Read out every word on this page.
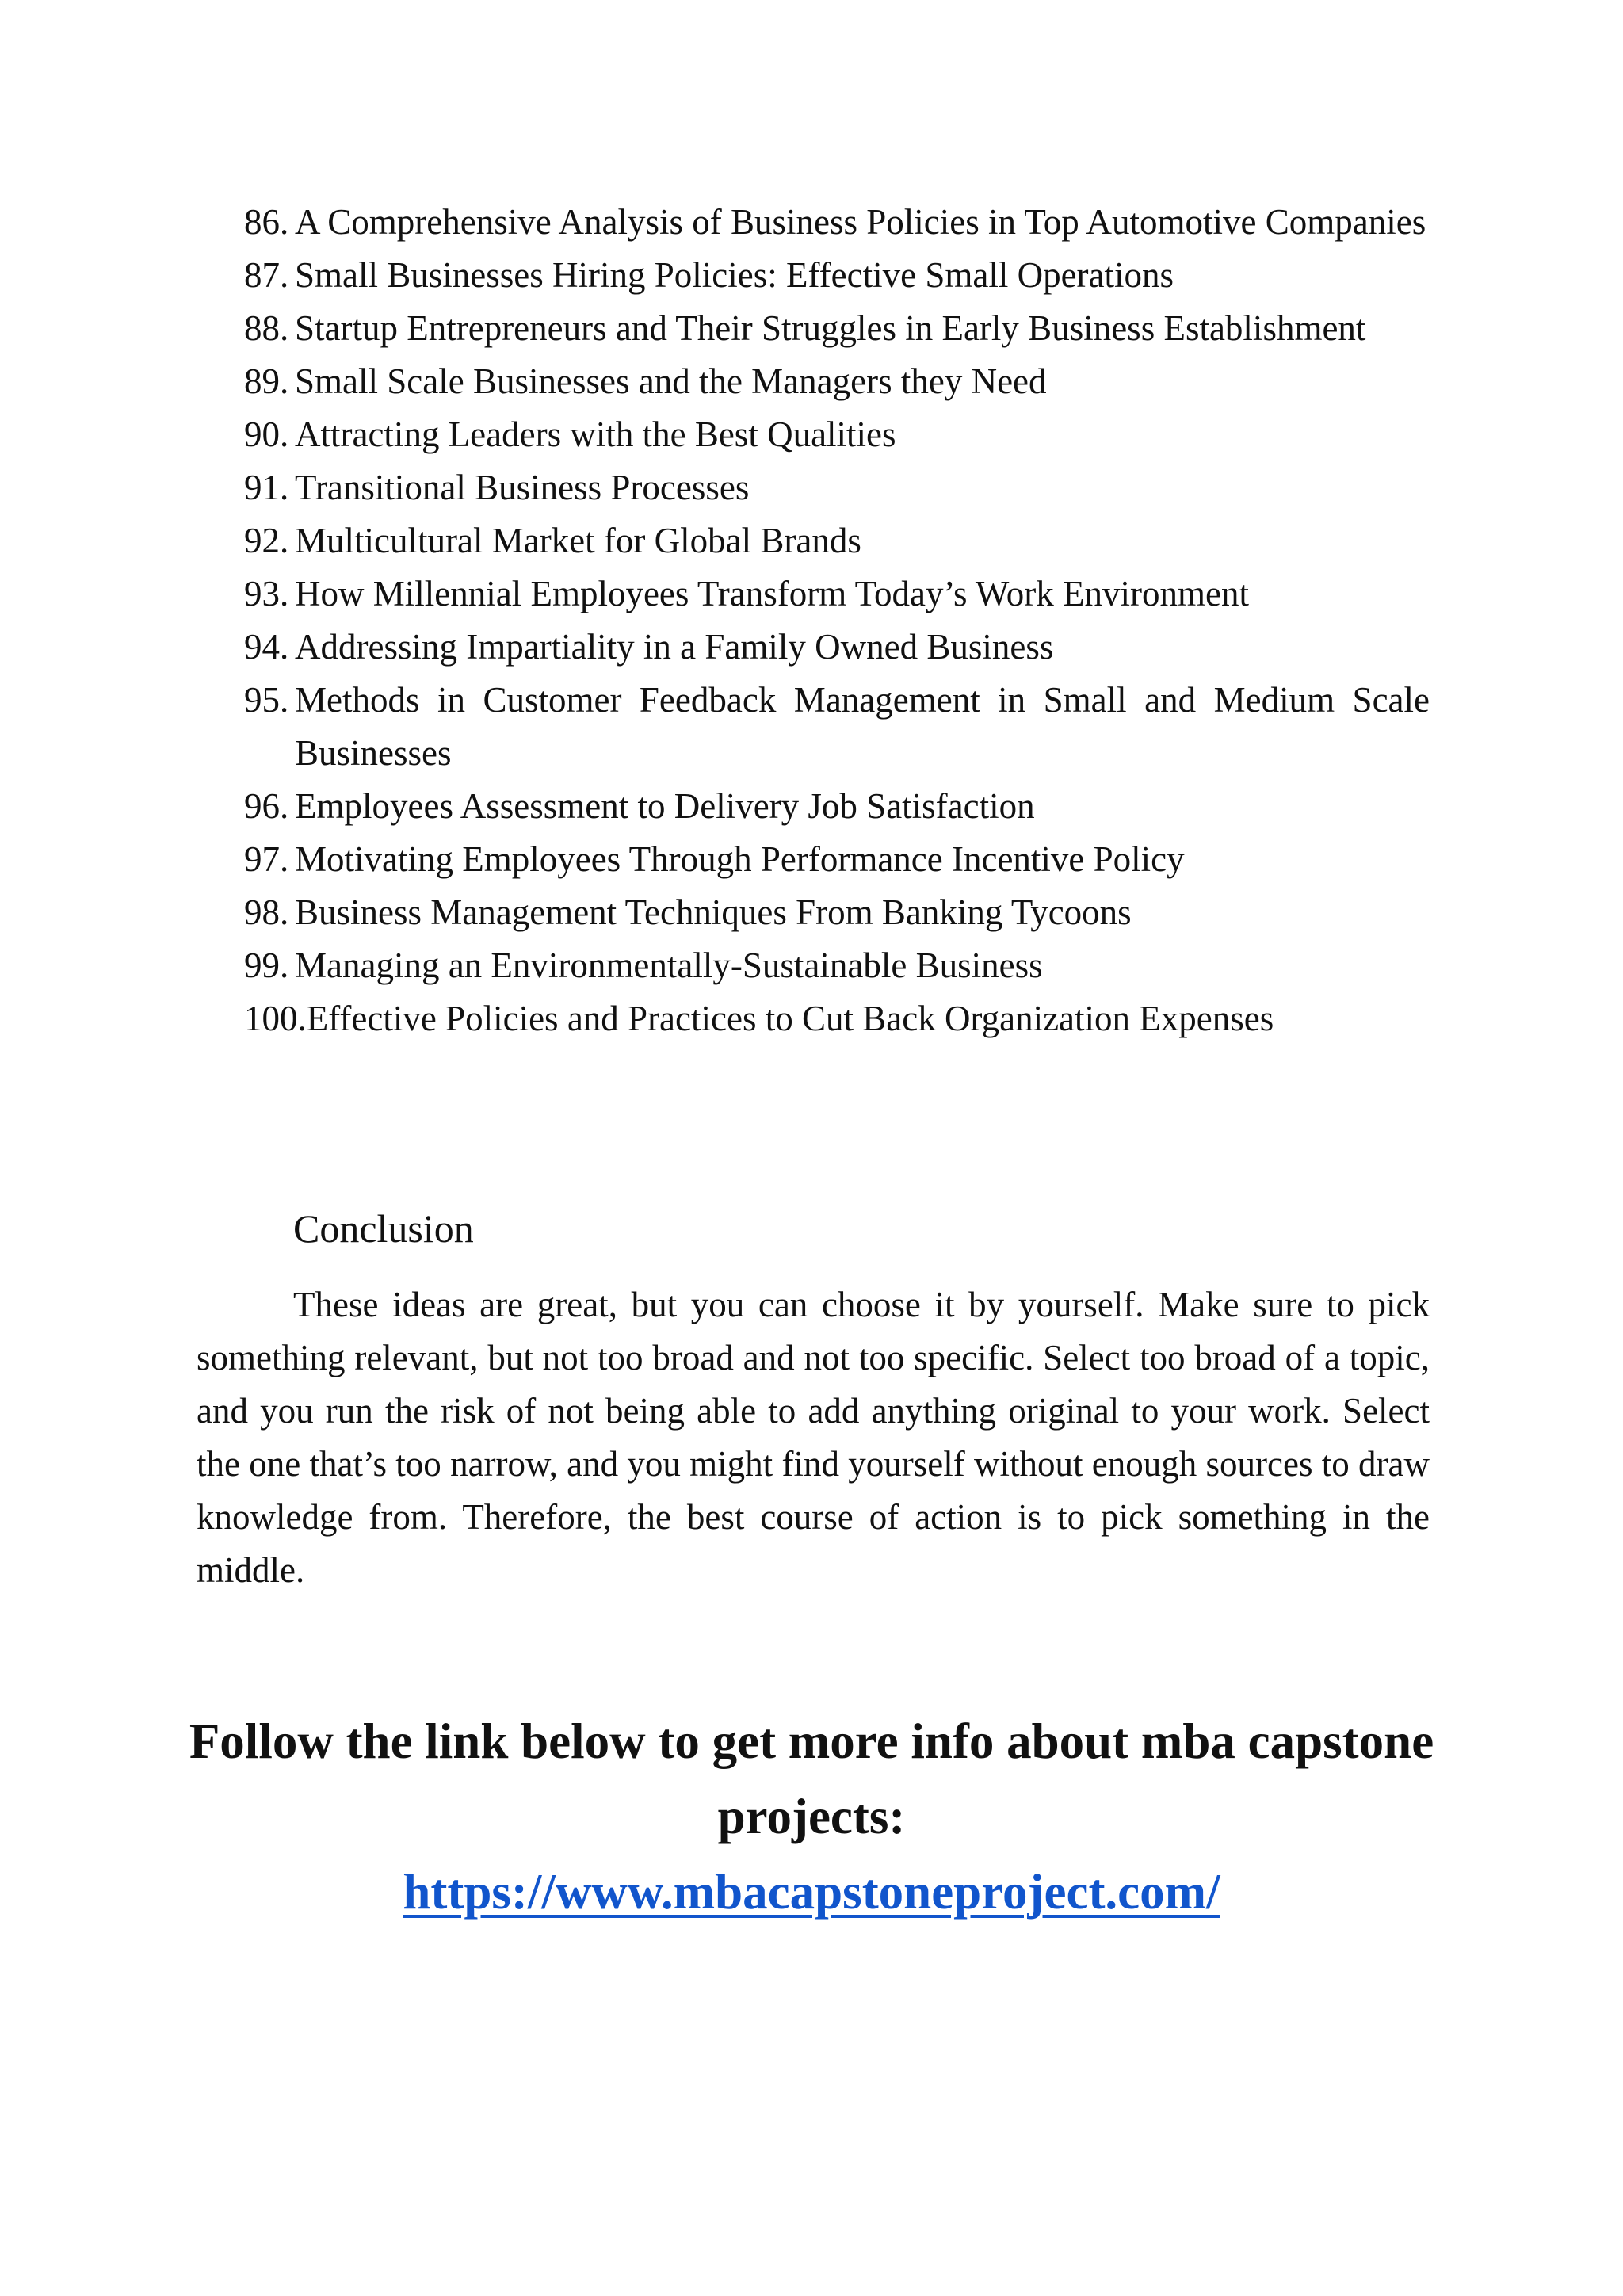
86. A Comprehensive Analysis of Business Policies in Top Automotive Companies
87. Small Businesses Hiring Policies: Effective Small Operations
88. Startup Entrepreneurs and Their Struggles in Early Business Establishment
89. Small Scale Businesses and the Managers they Need
90. Attracting Leaders with the Best Qualities
91. Transitional Business Processes
92. Multicultural Market for Global Brands
93. How Millennial Employees Transform Today’s Work Environment
94. Addressing Impartiality in a Family Owned Business
95. Methods in Customer Feedback Management in Small and Medium Scale Businesses
96. Employees Assessment to Delivery Job Satisfaction
97. Motivating Employees Through Performance Incentive Policy
98. Business Management Techniques From Banking Tycoons
99. Managing an Environmentally-Sustainable Business
100. Effective Policies and Practices to Cut Back Organization Expenses
Conclusion

These ideas are great, but you can choose it by yourself. Make sure to pick something relevant, but not too broad and not too specific. Select too broad of a topic, and you run the risk of not being able to add anything original to your work. Select the one that’s too narrow, and you might find yourself without enough sources to draw knowledge from. Therefore, the best course of action is to pick something in the middle.

Follow the link below to get more info about mba capstone projects:

https://www.mbacapstoneproject.com/
